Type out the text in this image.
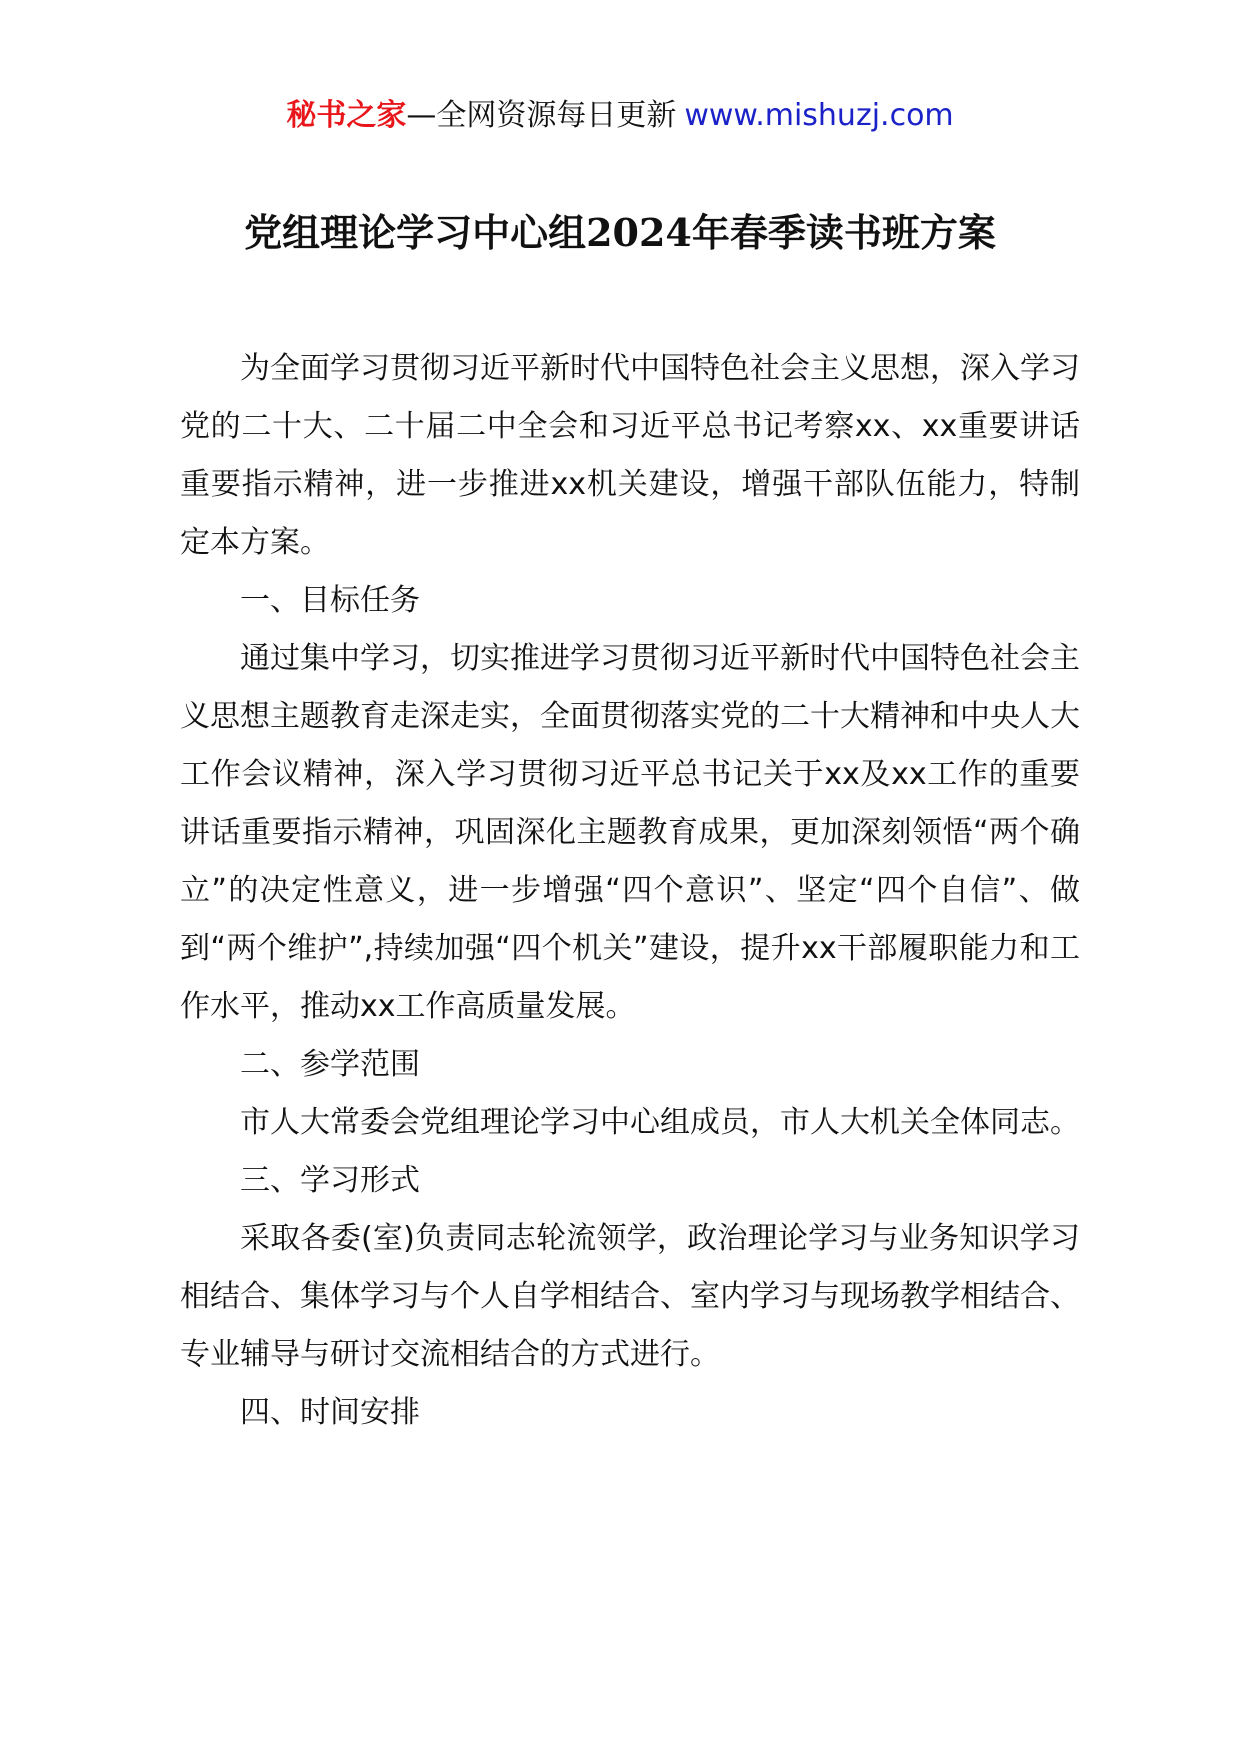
秘书之家—全网资源每日更新 www.mishuzj.com
党组理论学习中心组2024年春季读书班方案

为全面学习贯彻习近平新时代中国特色社会主义思想，深入学习党的二十大、二十届二中全会和习近平总书记考察xx、xx重要讲话重要指示精神，进一步推进xx机关建设，增强干部队伍能力，特制定本方案。

一、目标任务

通过集中学习，切实推进学习贯彻习近平新时代中国特色社会主义思想主题教育走深走实，全面贯彻落实党的二十大精神和中央人大工作会议精神，深入学习贯彻习近平总书记关于xx及xx工作的重要讲话重要指示精神，巩固深化主题教育成果，更加深刻领悟“两个确立”的决定性意义，进一步增强“四个意识”、坚定“四个自信”、做到“两个维护”,持续加强“四个机关”建设，提升xx干部履职能力和工作水平，推动xx工作高质量发展。

二、参学范围

市人大常委会党组理论学习中心组成员，市人大机关全体同志。

三、学习形式

采取各委(室)负责同志轮流领学，政治理论学习与业务知识学习相结合、集体学习与个人自学相结合、室内学习与现场教学相结合、专业辅导与研讨交流相结合的方式进行。

四、时间安排
